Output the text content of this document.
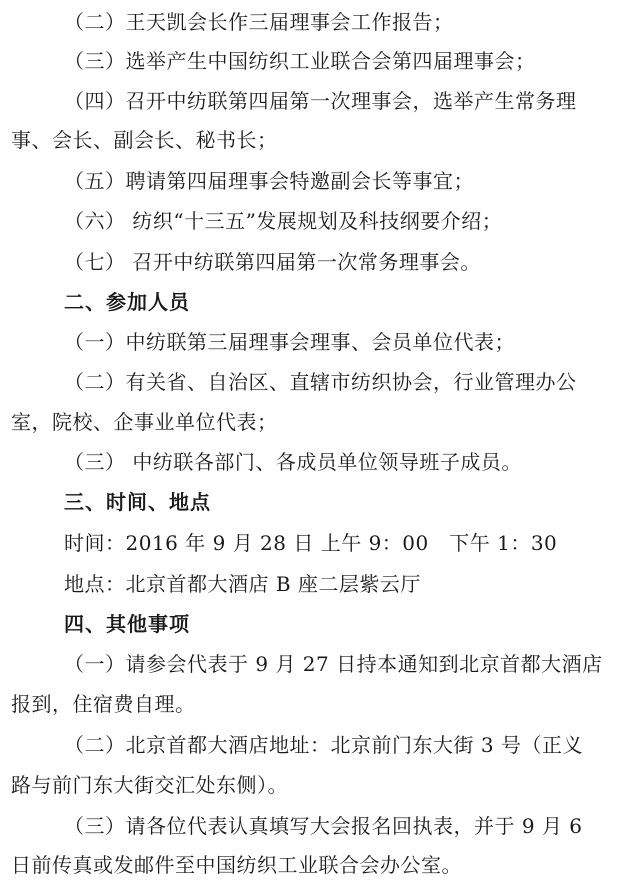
（二）王天凯会长作三届理事会工作报告；
（三）选举产生中国纺织工业联合会第四届理事会；
（四）召开中纺联第四届第一次理事会，选举产生常务理
事、会长、副会长、秘书长；
（五）聘请第四届理事会特邀副会长等事宜；
（六） 纺织“十三五”发展规划及科技纲要介绍；
（七） 召开中纺联第四届第一次常务理事会。
二、参加人员
（一）中纺联第三届理事会理事、会员单位代表；
（二）有关省、自治区、直辖市纺织协会，行业管理办公
室，院校、企事业单位代表；
（三） 中纺联各部门、各成员单位领导班子成员。
三、时间、地点
时间：2016 年 9 月 28 日 上午 9：00　下午 1：30
地点：北京首都大酒店 B 座二层紫云厅
四、其他事项
（一）请参会代表于 9 月 27 日持本通知到北京首都大酒店
报到，住宿费自理。
（二）北京首都大酒店地址：北京前门东大街 3 号（正义
路与前门东大街交汇处东侧）。
（三）请各位代表认真填写大会报名回执表，并于 9 月 6
日前传真或发邮件至中国纺织工业联合会办公室。
